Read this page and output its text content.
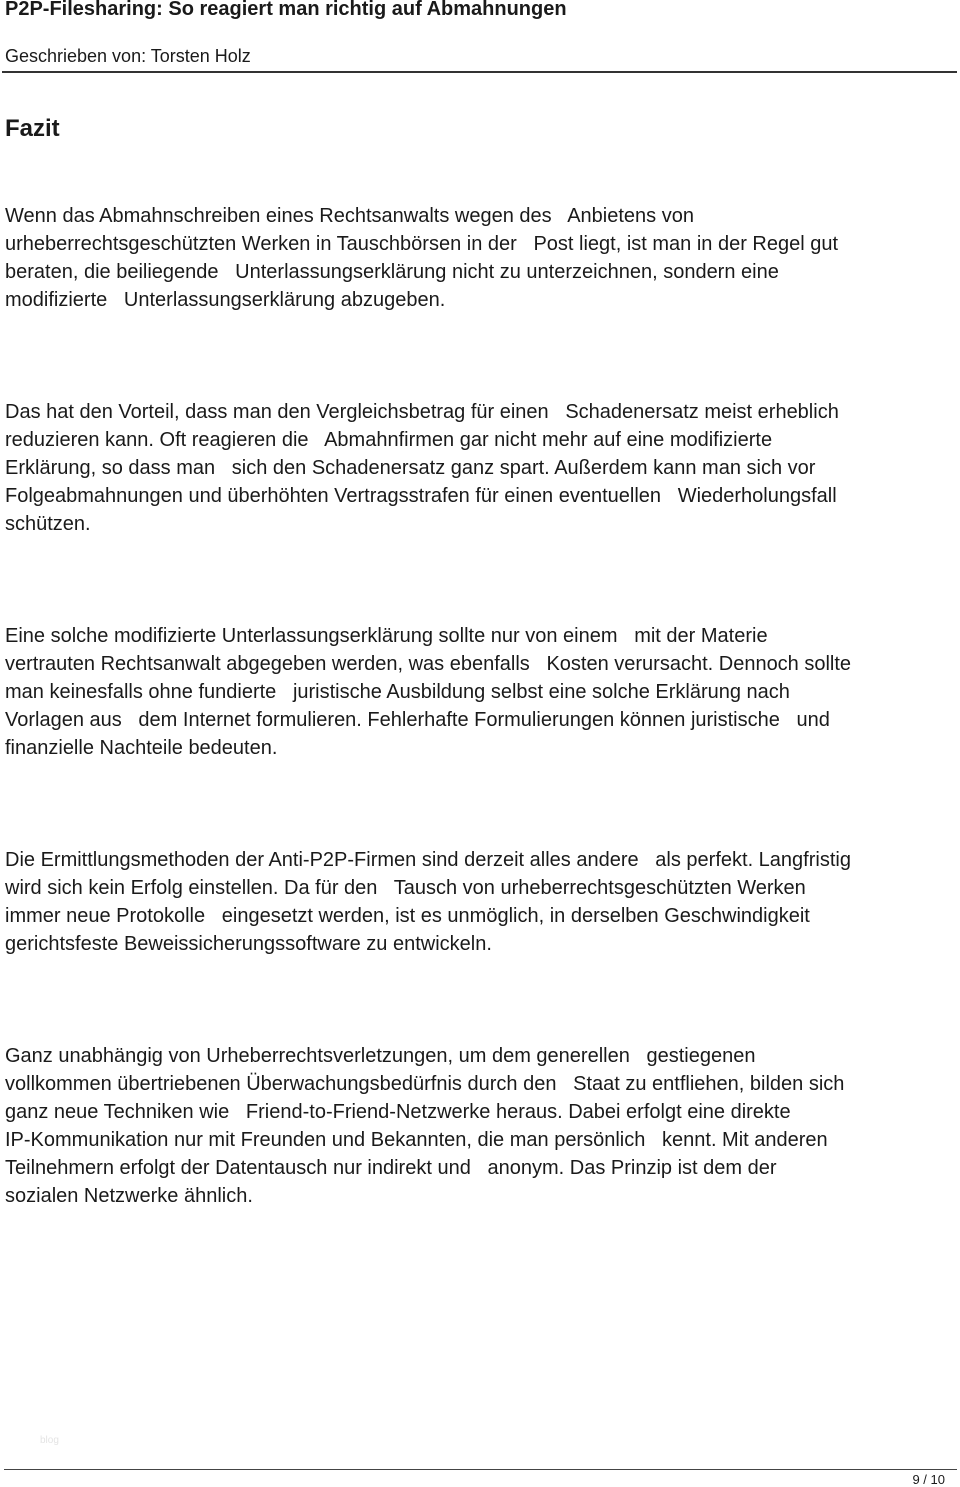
P2P-Filesharing: So reagiert man richtig auf Abmahnungen
Geschrieben von: Torsten Holz
Fazit
Wenn das Abmahnschreiben eines Rechtsanwalts wegen des   Anbietens von
urheberrechtsgeschützten Werken in Tauschbörsen in der   Post liegt, ist man in der Regel gut
beraten, die beiliegende   Unterlassungserklärung nicht zu unterzeichnen, sondern eine
modifizierte   Unterlassungserklärung abzugeben.
Das hat den Vorteil, dass man den Vergleichsbetrag für einen   Schadenersatz meist erheblich
reduzieren kann. Oft reagieren die   Abmahnfirmen gar nicht mehr auf eine modifizierte
Erklärung, so dass man   sich den Schadenersatz ganz spart. Außerdem kann man sich vor
Folgeabmahnungen und überhöhten Vertragsstrafen für einen eventuellen   Wiederholungsfall
schützen.
Eine solche modifizierte Unterlassungserklärung sollte nur von einem   mit der Materie
vertrauten Rechtsanwalt abgegeben werden, was ebenfalls   Kosten verursacht. Dennoch sollte
man keinesfalls ohne fundierte   juristische Ausbildung selbst eine solche Erklärung nach
Vorlagen aus   dem Internet formulieren. Fehlerhafte Formulierungen können juristische   und
finanzielle Nachteile bedeuten.
Die Ermittlungsmethoden der Anti-P2P-Firmen sind derzeit alles andere   als perfekt. Langfristig
wird sich kein Erfolg einstellen. Da für den   Tausch von urheberrechtsgeschützten Werken
immer neue Protokolle   eingesetzt werden, ist es unmöglich, in derselben Geschwindigkeit
gerichtsfeste Beweissicherungssoftware zu entwickeln.
Ganz unabhängig von Urheberrechtsverletzungen, um dem generellen   gestiegenen
vollkommen übertriebenen Überwachungsbedürfnis durch den   Staat zu entfliehen, bilden sich
ganz neue Techniken wie   Friend-to-Friend-Netzwerke heraus. Dabei erfolgt eine direkte
IP-Kommunikation nur mit Freunden und Bekannten, die man persönlich   kennt. Mit anderen
Teilnehmern erfolgt der Datentausch nur indirekt und   anonym. Das Prinzip ist dem der
sozialen Netzwerke ähnlich.
blog
9 / 10
